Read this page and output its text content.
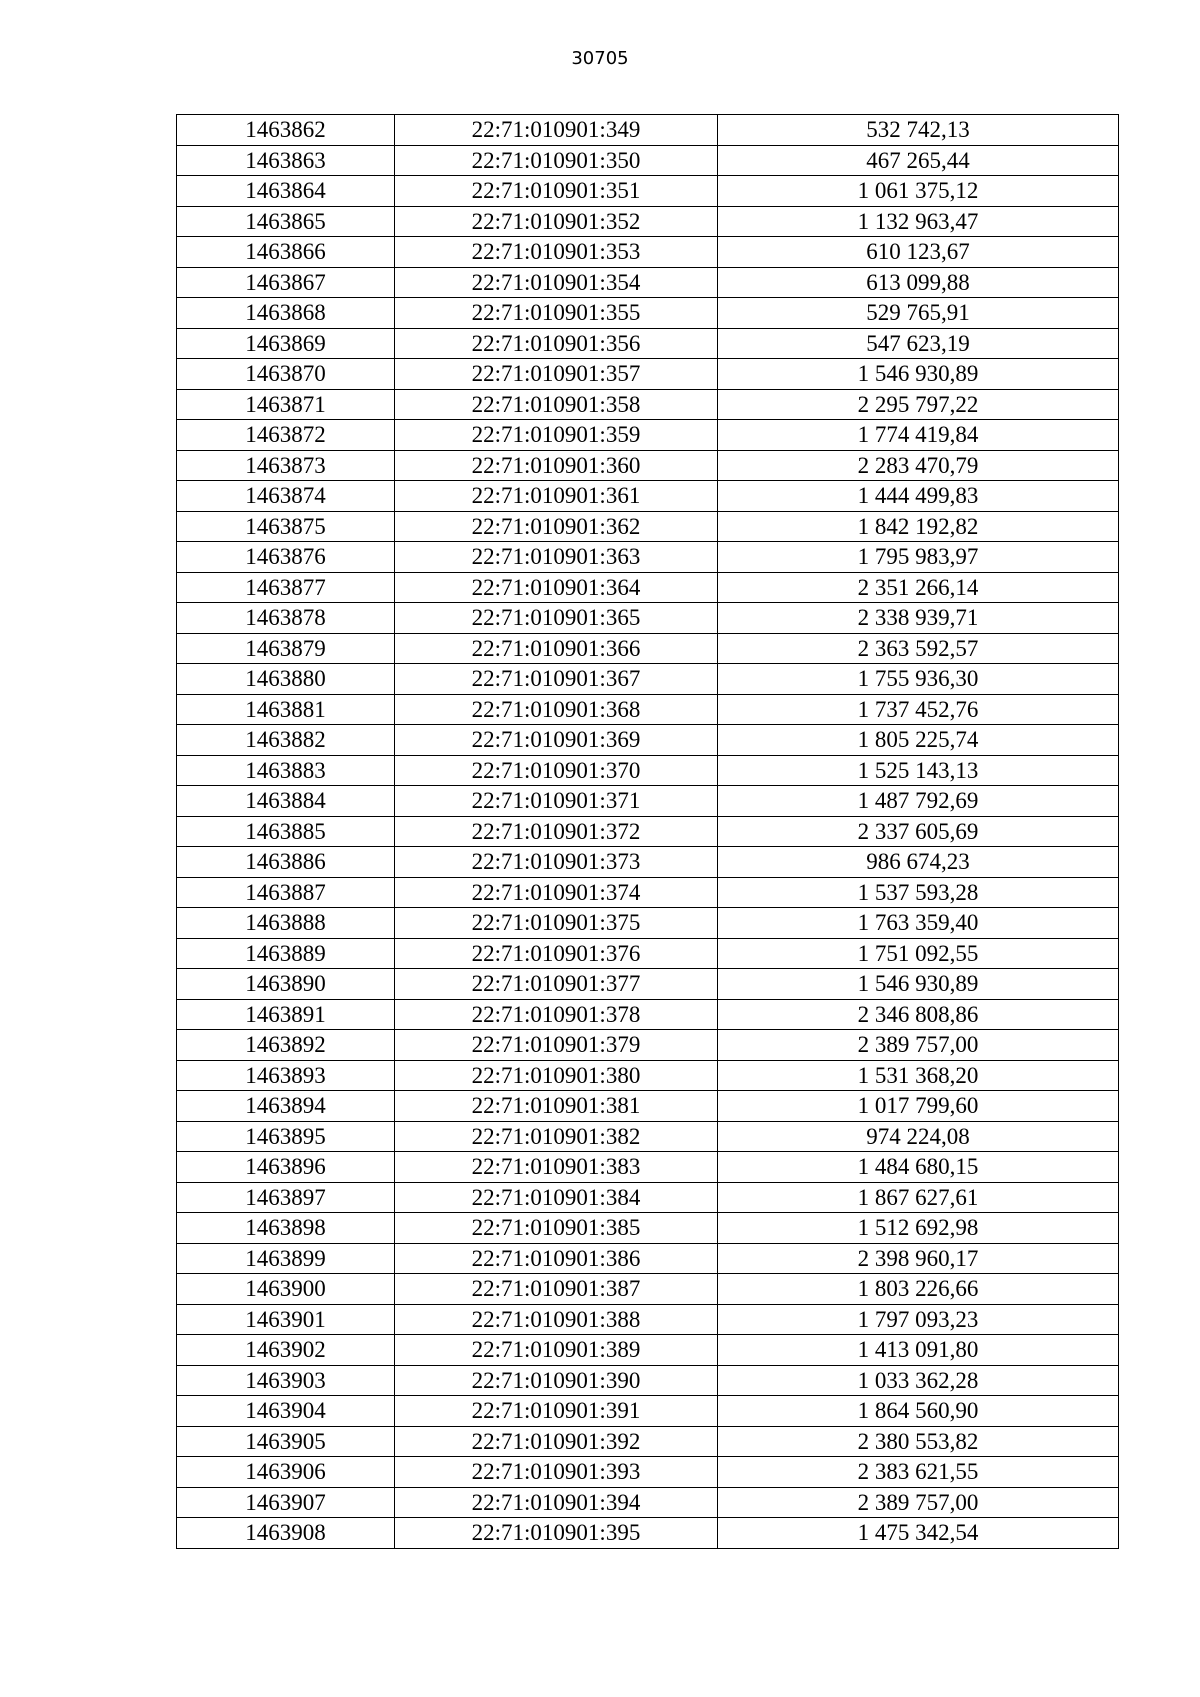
30705
1463862	22:71:010901:349	532 742,13
1463863	22:71:010901:350	467 265,44
1463864	22:71:010901:351	1 061 375,12
1463865	22:71:010901:352	1 132 963,47
1463866	22:71:010901:353	610 123,67
1463867	22:71:010901:354	613 099,88
1463868	22:71:010901:355	529 765,91
1463869	22:71:010901:356	547 623,19
1463870	22:71:010901:357	1 546 930,89
1463871	22:71:010901:358	2 295 797,22
1463872	22:71:010901:359	1 774 419,84
1463873	22:71:010901:360	2 283 470,79
1463874	22:71:010901:361	1 444 499,83
1463875	22:71:010901:362	1 842 192,82
1463876	22:71:010901:363	1 795 983,97
1463877	22:71:010901:364	2 351 266,14
1463878	22:71:010901:365	2 338 939,71
1463879	22:71:010901:366	2 363 592,57
1463880	22:71:010901:367	1 755 936,30
1463881	22:71:010901:368	1 737 452,76
1463882	22:71:010901:369	1 805 225,74
1463883	22:71:010901:370	1 525 143,13
1463884	22:71:010901:371	1 487 792,69
1463885	22:71:010901:372	2 337 605,69
1463886	22:71:010901:373	986 674,23
1463887	22:71:010901:374	1 537 593,28
1463888	22:71:010901:375	1 763 359,40
1463889	22:71:010901:376	1 751 092,55
1463890	22:71:010901:377	1 546 930,89
1463891	22:71:010901:378	2 346 808,86
1463892	22:71:010901:379	2 389 757,00
1463893	22:71:010901:380	1 531 368,20
1463894	22:71:010901:381	1 017 799,60
1463895	22:71:010901:382	974 224,08
1463896	22:71:010901:383	1 484 680,15
1463897	22:71:010901:384	1 867 627,61
1463898	22:71:010901:385	1 512 692,98
1463899	22:71:010901:386	2 398 960,17
1463900	22:71:010901:387	1 803 226,66
1463901	22:71:010901:388	1 797 093,23
1463902	22:71:010901:389	1 413 091,80
1463903	22:71:010901:390	1 033 362,28
1463904	22:71:010901:391	1 864 560,90
1463905	22:71:010901:392	2 380 553,82
1463906	22:71:010901:393	2 383 621,55
1463907	22:71:010901:394	2 389 757,00
1463908	22:71:010901:395	1 475 342,54
